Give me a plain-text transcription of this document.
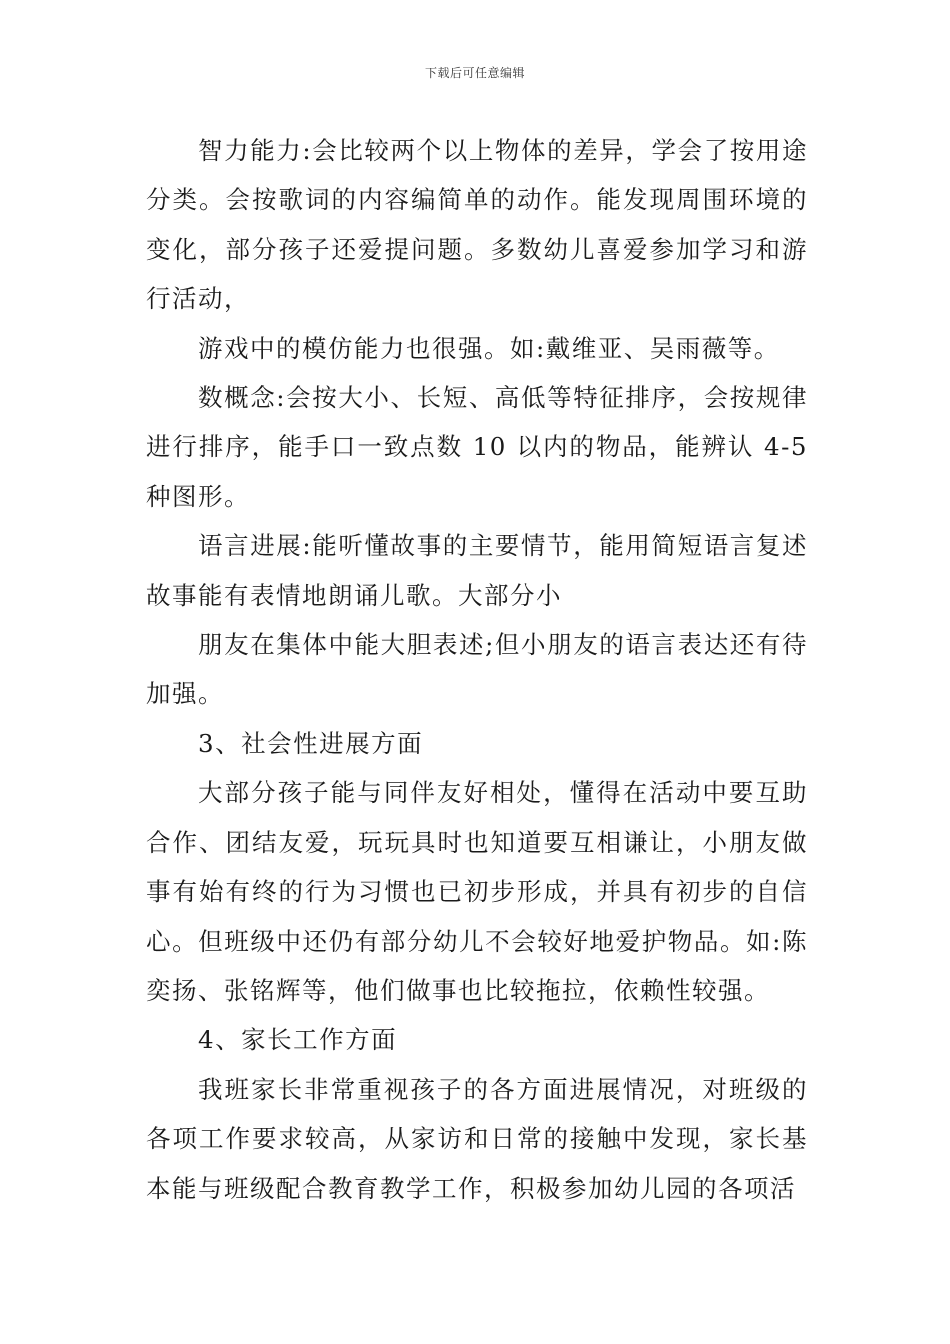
下载后可任意编辑

智力能力:会比较两个以上物体的差异，学会了按用途分类。会按歌词的内容编简单的动作。能发现周围环境的变化，部分孩子还爱提问题。多数幼儿喜爱参加学习和游行活动，

游戏中的模仿能力也很强。如:戴维亚、吴雨薇等。

数概念:会按大小、长短、高低等特征排序，会按规律进行排序，能手口一致点数 10 以内的物品，能辨认 4-5 种图形。

语言进展:能听懂故事的主要情节，能用简短语言复述故事能有表情地朗诵儿歌。大部分小

朋友在集体中能大胆表述;但小朋友的语言表达还有待加强。

3、社会性进展方面

大部分孩子能与同伴友好相处，懂得在活动中要互助合作、团结友爱，玩玩具时也知道要互相谦让，小朋友做事有始有终的行为习惯也已初步形成，并具有初步的自信心。但班级中还仍有部分幼儿不会较好地爱护物品。如:陈奕扬、张铭辉等，他们做事也比较拖拉，依赖性较强。

4、家长工作方面

我班家长非常重视孩子的各方面进展情况，对班级的各项工作要求较高，从家访和日常的接触中发现，家长基本能与班级配合教育教学工作，积极参加幼儿园的各项活
